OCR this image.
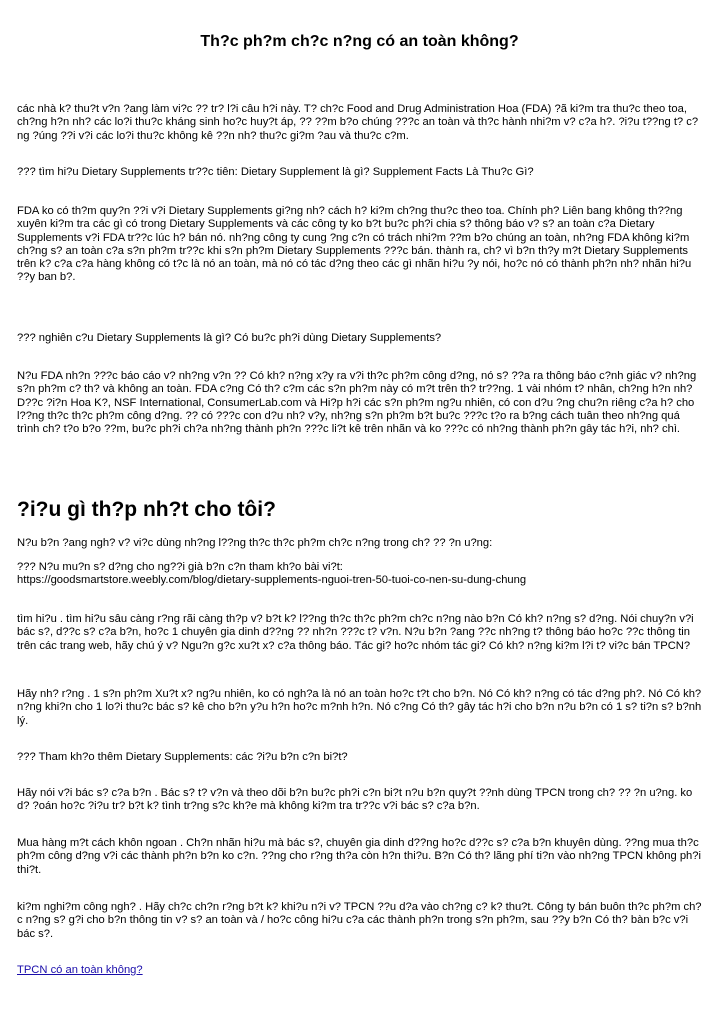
Th?c ph?m ch?c n?ng có an toàn không?

các nhà k? thu?t v?n ?ang làm vi?c ?? tr? l?i câu h?i này. T? ch?c Food and Drug Administration Hoa (FDA) ?ã ki?m tra thu?c theo toa, ch?ng h?n nh? các lo?i thu?c kháng sinh ho?c huy?t áp, ?? ??m b?o chúng ???c an toàn và th?c hành nhi?m v? c?a h?. ?i?u t??ng t? c?ng ?úng ??i v?i các lo?i thu?c không kê ??n nh? thu?c gi?m ?au và thu?c c?m.

??? tìm hi?u Dietary Supplements tr??c tiên: Dietary Supplement là gì? Supplement Facts Là Thu?c Gì?

FDA ko có th?m quy?n ??i v?i Dietary Supplements gi?ng nh? cách h? ki?m ch?ng thu?c theo toa. Chính ph? Liên bang không th??ng xuyên ki?m tra các gì có trong Dietary Supplements và các công ty ko b?t bu?c ph?i chia s? thông báo v? s? an toàn c?a Dietary Supplements v?i FDA tr??c lúc h? bán nó. nh?ng công ty cung ?ng c?n có trách nhi?m ??m b?o chúng an toàn, nh?ng FDA không ki?m ch?ng s? an toàn c?a s?n ph?m tr??c khi s?n ph?m Dietary Supplements ???c bán. thành ra, ch? vì b?n th?y m?t Dietary Supplements trên k? c?a c?a hàng không có t?c là nó an toàn, mà nó có tác d?ng theo các gì nhãn hi?u ?y nói, ho?c nó có thành ph?n nh? nhãn hi?u ??y ban b?.

??? nghiên c?u Dietary Supplements là gì? Có bu?c ph?i dùng Dietary Supplements?

N?u FDA nh?n ???c báo cáo v? nh?ng v?n ?? Có kh? n?ng x?y ra v?i th?c ph?m công d?ng, nó s? ??a ra thông báo c?nh giác v? nh?ng s?n ph?m c? th? và không an toàn. FDA c?ng Có th? c?m các s?n ph?m này có m?t trên th? tr??ng. 1 vài nhóm t? nhân, ch?ng h?n nh? D??c ?i?n Hoa K?, NSF International, ConsumerLab.com và Hi?p h?i các s?n ph?m ng?u nhiên, có con d?u ?ng chu?n riêng c?a h? cho l??ng th?c th?c ph?m công d?ng. ?? có ???c con d?u nh? v?y, nh?ng s?n ph?m b?t bu?c ???c t?o ra b?ng cách tuân theo nh?ng quá trình ch? t?o b?o ??m, bu?c ph?i ch?a nh?ng thành ph?n ???c li?t kê trên nhãn và ko ???c có nh?ng thành ph?n gây tác h?i, nh? chì.

?i?u gì th?p nh?t cho tôi?

N?u b?n ?ang ngh? v? vi?c dùng nh?ng l??ng th?c th?c ph?m ch?c n?ng trong ch? ?? ?n u?ng:

??? N?u mu?n s? d?ng cho ng??i già b?n c?n tham kh?o bài vi?t:
https://goodsmartstore.weebly.com/blog/dietary-supplements-nguoi-tren-50-tuoi-co-nen-su-dung-chung

tìm hi?u . tìm hi?u sâu càng r?ng rãi càng th?p v? b?t k? l??ng th?c th?c ph?m ch?c n?ng nào b?n Có kh? n?ng s? d?ng. Nói chuy?n v?i bác s?, d??c s? c?a b?n, ho?c 1 chuyên gia dinh d??ng ?? nh?n ???c t? v?n. N?u b?n ?ang ??c nh?ng t? thông báo ho?c ??c thông tin trên các trang web, hãy chú ý v? Ngu?n g?c xu?t x? c?a thông báo. Tác gi? ho?c nhóm tác gi? Có kh? n?ng ki?m l?i t? vi?c bán TPCN?

Hãy nh? r?ng . 1 s?n ph?m Xu?t x? ng?u nhiên, ko có ngh?a là nó an toàn ho?c t?t cho b?n. Nó Có kh? n?ng có tác d?ng ph?. Nó Có kh? n?ng khi?n cho 1 lo?i thu?c bác s? kê cho b?n y?u h?n ho?c m?nh h?n. Nó c?ng Có th? gây tác h?i cho b?n n?u b?n có 1 s? ti?n s? b?nh lý.

??? Tham kh?o thêm Dietary Supplements: các ?i?u b?n c?n bi?t?

Hãy nói v?i bác s? c?a b?n . Bác s? t? v?n và theo dõi b?n bu?c ph?i c?n bi?t n?u b?n quy?t ??nh dùng TPCN trong ch? ?? ?n u?ng. ko d? ?oán ho?c ?i?u tr? b?t k? tình tr?ng s?c kh?e mà không ki?m tra tr??c v?i bác s? c?a b?n.

Mua hàng m?t cách khôn ngoan . Ch?n nhãn hi?u mà bác s?, chuyên gia dinh d??ng ho?c d??c s? c?a b?n khuyên dùng. ??ng mua th?c ph?m công d?ng v?i các thành ph?n b?n ko c?n. ??ng cho r?ng th?a còn h?n thi?u. B?n Có th? lãng phí ti?n vào nh?ng TPCN không ph?i thi?t.

ki?m nghi?m công ngh? . Hãy ch?c ch?n r?ng b?t k? khi?u n?i v? TPCN ??u d?a vào ch?ng c? k? thu?t. Công ty bán buôn th?c ph?m ch?c n?ng s? g?i cho b?n thông tin v? s? an toàn và / ho?c công hi?u c?a các thành ph?n trong s?n ph?m, sau ??y b?n Có th? bàn b?c v?i bác s?.

TPCN có an toàn không?
